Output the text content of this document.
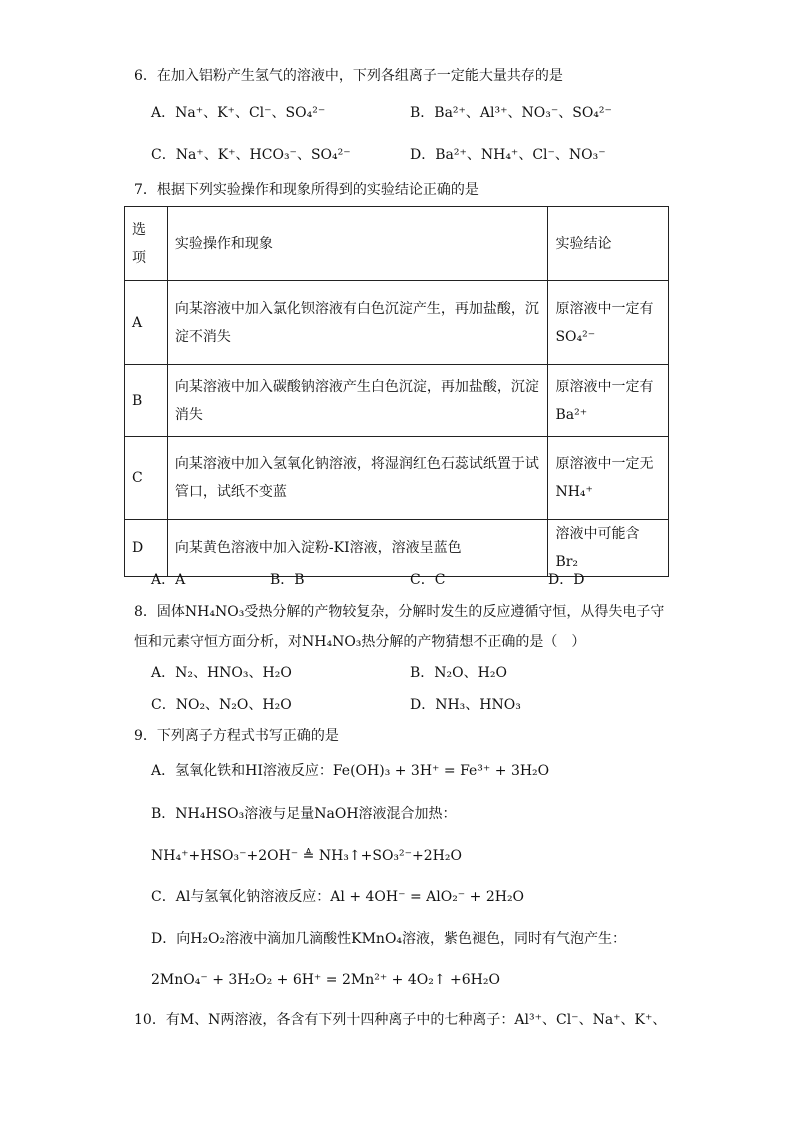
6．在加入铝粉产生氢气的溶液中，下列各组离子一定能大量共存的是
A．Na⁺、K⁺、Cl⁻、SO₄²⁻	B．Ba²⁺、Al³⁺、NO₃⁻、SO₄²⁻
C．Na⁺、K⁺、HCO₃⁻、SO₄²⁻	D．Ba²⁺、NH₄⁺、Cl⁻、NO₃⁻
7．根据下列实验操作和现象所得到的实验结论正确的是
选项	实验操作和现象	实验结论
A	向某溶液中加入氯化钡溶液有白色沉淀产生，再加盐酸，沉淀不消失	原溶液中一定有SO₄²⁻
B	向某溶液中加入碳酸钠溶液产生白色沉淀，再加盐酸，沉淀消失	原溶液中一定有Ba²⁺
C	向某溶液中加入氢氧化钠溶液，将湿润红色石蕊试纸置于试管口，试纸不变蓝	原溶液中一定无NH₄⁺
D	向某黄色溶液中加入淀粉-KI溶液，溶液呈蓝色	溶液中可能含Br₂
A．A	B．B	C．C	D．D
8．固体NH₄NO₃受热分解的产物较复杂，分解时发生的反应遵循守恒，从得失电子守
恒和元素守恒方面分析，对NH₄NO₃热分解的产物猜想不正确的是（　）
A．N₂、HNO₃、H₂O	B．N₂O、H₂O
C．NO₂、N₂O、H₂O	D．NH₃、HNO₃
9．下列离子方程式书写正确的是
A．氢氧化铁和HI溶液反应：Fe(OH)₃ + 3H⁺ = Fe³⁺ + 3H₂O
B．NH₄HSO₃溶液与足量NaOH溶液混合加热：
NH₄⁺+HSO₃⁻+2OH⁻ ≜ NH₃↑+SO₃²⁻+2H₂O
C．Al与氢氧化钠溶液反应：Al + 4OH⁻ = AlO₂⁻ + 2H₂O
D．向H₂O₂溶液中滴加几滴酸性KMnO₄溶液，紫色褪色，同时有气泡产生：
2MnO₄⁻ + 3H₂O₂ + 6H⁺ = 2Mn²⁺ + 4O₂↑ +6H₂O
10．有M、N两溶液，各含有下列十四种离子中的七种离子：Al³⁺、Cl⁻、Na⁺、K⁺、
